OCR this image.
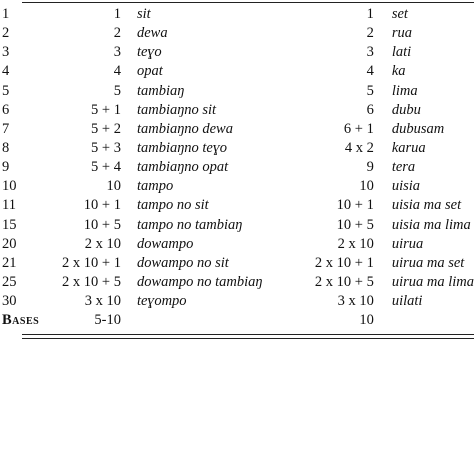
1	1	sit	1	set
2	2	dewa	2	rua
3	3	teɣo	3	lati
4	4	opat	4	ka
5	5	tambiaŋ	5	lima
6	5 + 1	tambiaŋno sit	6	dubu
7	5 + 2	tambiaŋno dewa	6 + 1	dubusam
8	5 + 3	tambiaŋno teɣo	4 x 2	karua
9	5 + 4	tambiaŋno opat	9	tera
10	10	tampo	10	uisia
11	10 + 1	tampo no sit	10 + 1	uisia ma set
15	10 + 5	tampo no tambiaŋ	10 + 5	uisia ma lima
20	2 x 10	dowampo	2 x 10	uirua
21	2 x 10 + 1	dowampo no sit	2 x 10 + 1	uirua ma set
25	2 x 10 + 5	dowampo no tambiaŋ	2 x 10 + 5	uirua ma lima
30	3 x 10	teɣompo	3 x 10	uilati
Bases	5-10		10	
